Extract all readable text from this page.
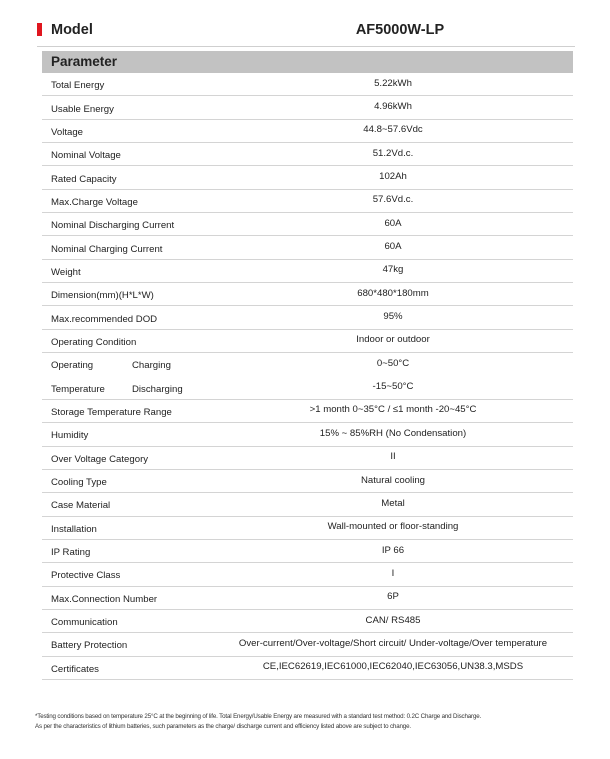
Model	AF5000W-LP
Parameter
Total Energy	5.22kWh
Usable Energy	4.96kWh
Voltage	44.8~57.6Vdc
Nominal Voltage	51.2Vd.c.
Rated Capacity	102Ah
Max.Charge Voltage	57.6Vd.c.
Nominal Discharging Current	60A
Nominal Charging Current	60A
Weight	47kg
Dimension(mm)(H*L*W)	680*480*180mm
Max.recommended DOD	95%
Operating Condition	Indoor or outdoor
Operating	Charging	0~50°C
Temperature	Discharging	-15~50°C
Storage Temperature Range	>1 month 0~35°C / ≤1 month -20~45°C
Humidity	15% ~ 85%RH (No Condensation)
Over Voltage Category	II
Cooling Type	Natural cooling
Case Material	Metal
Installation	Wall-mounted or floor-standing
IP Rating	IP 66
Protective Class	I
Max.Connection Number	6P
Communication	CAN/ RS485
Battery Protection	Over-current/Over-voltage/Short circuit/ Under-voltage/Over temperature
Certificates	CE,IEC62619,IEC61000,IEC62040,IEC63056,UN38.3,MSDS
*Testing conditions based on temperature 25°C at the beginning of life. Total Energy/Usable Energy are measured with a standard test method: 0.2C Charge and Discharge.
As per the characteristics of lithium batteries, such parameters as the charge/ discharge current and efficiency listed above are subject to change.
